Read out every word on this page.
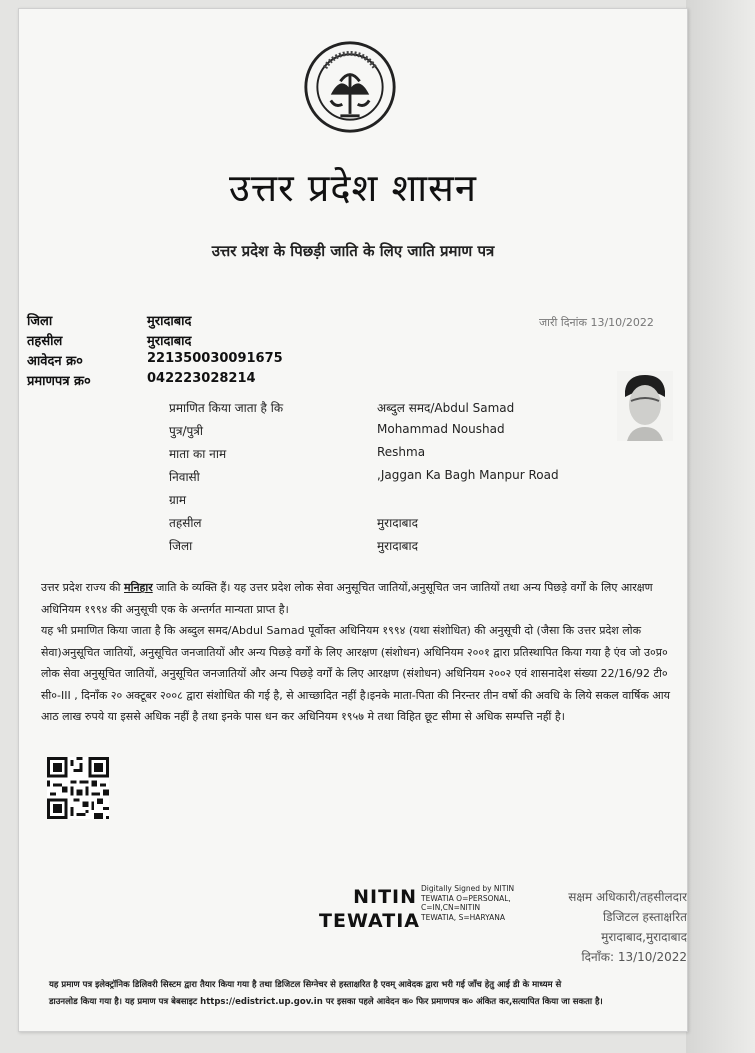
उत्तर प्रदेश शासन
उत्तर प्रदेश के पिछड़ी जाति के लिए जाति प्रमाण पत्र
जिला	मुरादाबाद
तहसील	मुरादाबाद
आवेदन क्र०	221350030091675
प्रमाणपत्र क्र०	042223028214
जारी दिनांक 13/10/2022
प्रमाणित किया जाता है कि	अब्दुल समद/Abdul Samad
पुत्र/पुत्री	Mohammad Noushad
माता का नाम	Reshma
निवासी	,Jaggan Ka Bagh Manpur Road
ग्राम
तहसील	मुरादाबाद
जिला	मुरादाबाद

उत्तर प्रदेश राज्य की मनिहार जाति के व्यक्ति हैं। यह उत्तर प्रदेश लोक सेवा अनुसूचित जातियों,अनुसूचित जन जातियों तथा अन्य पिछड़े वर्गों के लिए आरक्षण अधिनियम १९९४ की अनुसूची एक के अन्तर्गत मान्यता प्राप्त है।

यह भी प्रमाणित किया जाता है कि अब्दुल समद/Abdul Samad पूर्वोक्त अधिनियम १९९४ (यथा संशोधित) की अनुसूची दो (जैसा कि उत्तर प्रदेश लोक सेवा)अनुसूचित जातियों, अनुसूचित जनजातियों और अन्य पिछड़े वर्गों के लिए आरक्षण (संशोधन) अधिनियम २००१ द्वारा प्रतिस्थापित किया गया है एंव जो उ०प्र० लोक सेवा अनुसूचित जातियों, अनुसूचित जनजातियों और अन्य पिछड़े वर्गों के लिए आरक्षण (संशोधन) अधिनियम २००२ एवं शासनादेश संख्या 22/16/92 टी० सी०-III , दिनाँक २० अक्टूबर २००८ द्वारा संशोधित की गई है, से आच्छादित नहीं है।इनके माता-पिता की निरन्तर तीन वर्षो की अवधि के लिये सकल वार्षिक आय आठ लाख रुपये या इससे अधिक नहीं है तथा इनके पास धन कर अधिनियम १९५७ मे तथा विहित छूट सीमा से अधिक सम्पत्ति नहीं है।

NITIN
TEWATIA
Digitally Signed by NITIN
TEWATIA O=PERSONAL,
C=IN,CN=NITIN
TEWATIA, S=HARYANA
सक्षम अधिकारी/तहसीलदार
डिजिटल हस्ताक्षरित
मुरादाबाद,मुरादाबाद
दिनाँक: 13/10/2022
यह प्रमाण पत्र इलेक्ट्रॉनिक डिलिवरी सिस्टम द्वारा तैयार किया गया है तथा डिजिटल सिग्नेचर से हस्ताक्षरित है एवम् आवेदक द्वारा भरी गई जाँच हेतु आई डी के माध्यम से
डाउनलोड किया गया है। यह प्रमाण पत्र बेबसाइट https://edistrict.up.gov.in पर इसका पहले आवेदन क० फिर प्रमाणपत्र क० अंकित कर,सत्यापित किया जा सकता है।
